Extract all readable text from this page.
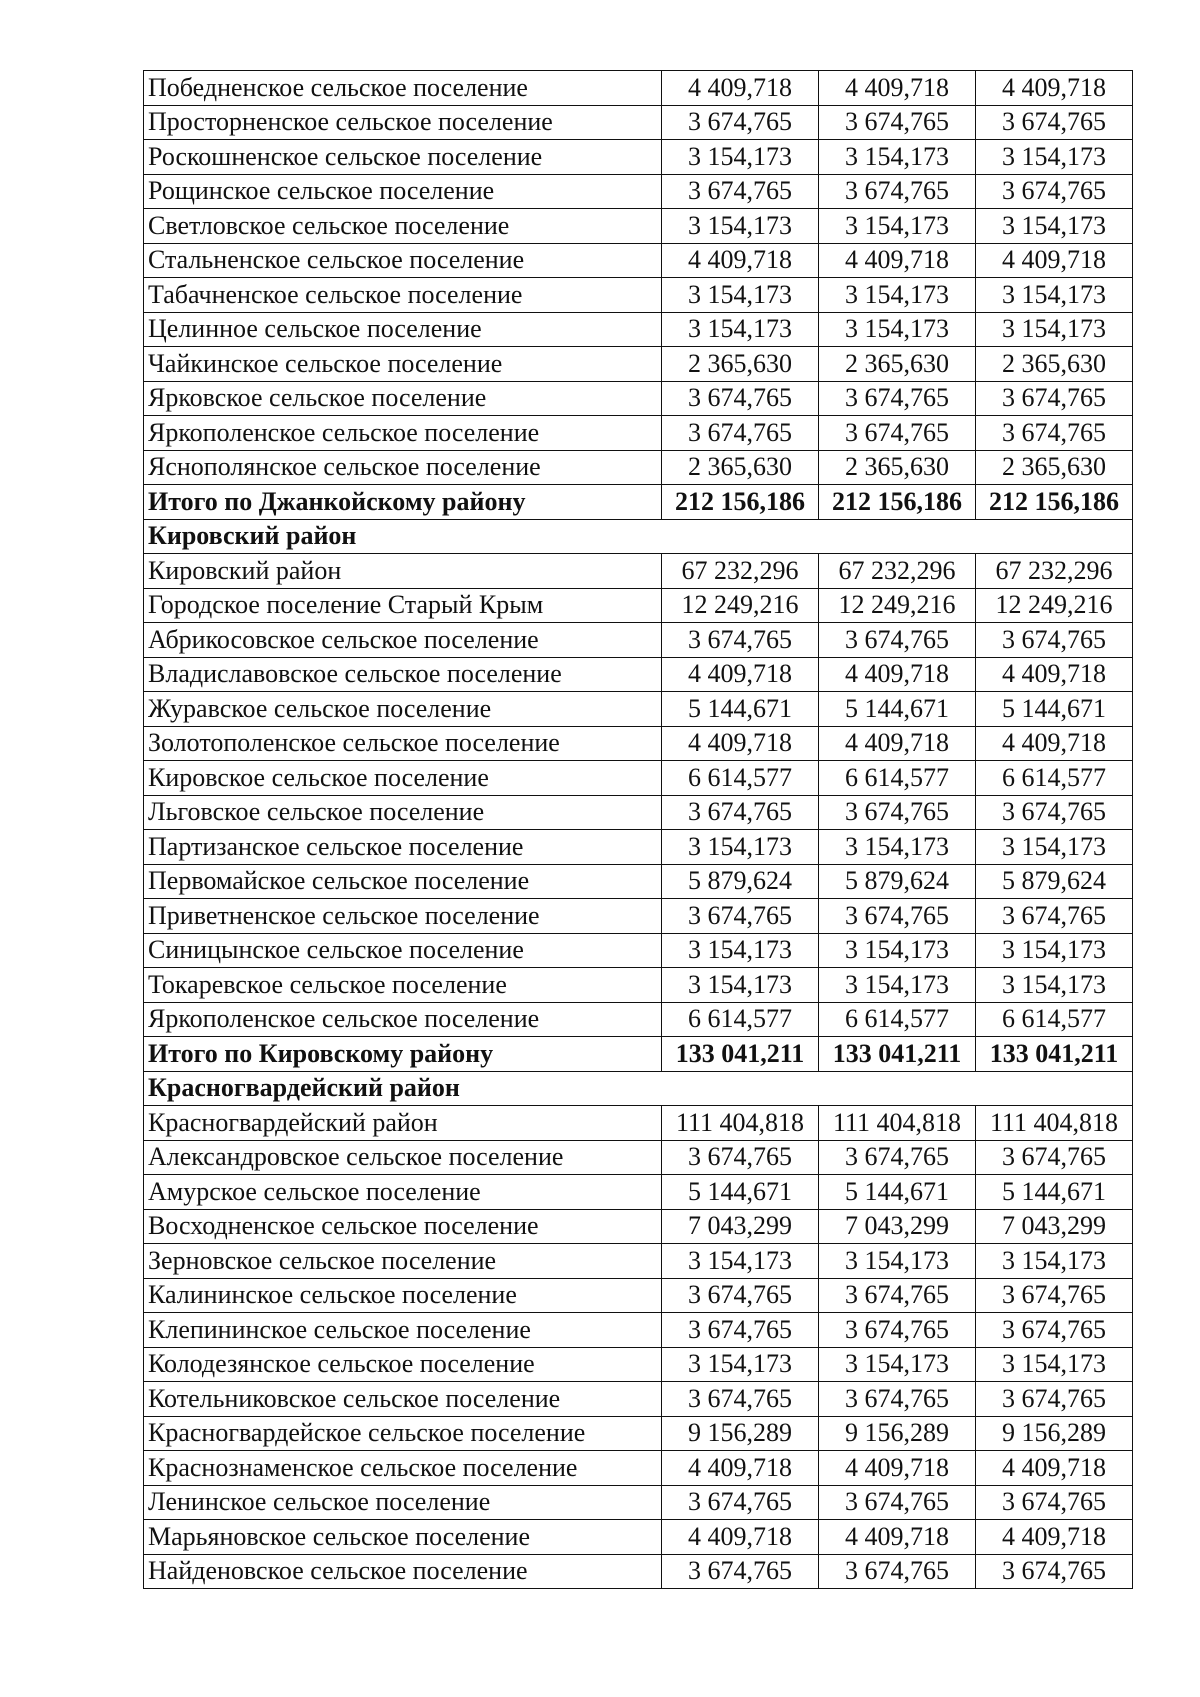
Победненское сельское поселение	4 409,718	4 409,718	4 409,718
Просторненское сельское поселение	3 674,765	3 674,765	3 674,765
Роскошненское сельское поселение	3 154,173	3 154,173	3 154,173
Рощинское сельское поселение	3 674,765	3 674,765	3 674,765
Светловское сельское поселение	3 154,173	3 154,173	3 154,173
Стальненское сельское поселение	4 409,718	4 409,718	4 409,718
Табачненское сельское поселение	3 154,173	3 154,173	3 154,173
Целинное сельское поселение	3 154,173	3 154,173	3 154,173
Чайкинское сельское поселение	2 365,630	2 365,630	2 365,630
Ярковское сельское поселение	3 674,765	3 674,765	3 674,765
Яркополенское сельское поселение	3 674,765	3 674,765	3 674,765
Яснополянское сельское поселение	2 365,630	2 365,630	2 365,630
Итого по Джанкойскому району	212 156,186	212 156,186	212 156,186
Кировский район			
Кировский район	67 232,296	67 232,296	67 232,296
Городское поселение Старый Крым	12 249,216	12 249,216	12 249,216
Абрикосовское сельское поселение	3 674,765	3 674,765	3 674,765
Владиславовское сельское поселение	4 409,718	4 409,718	4 409,718
Журавское сельское поселение	5 144,671	5 144,671	5 144,671
Золотополенское сельское поселение	4 409,718	4 409,718	4 409,718
Кировское сельское поселение	6 614,577	6 614,577	6 614,577
Льговское сельское поселение	3 674,765	3 674,765	3 674,765
Партизанское сельское поселение	3 154,173	3 154,173	3 154,173
Первомайское сельское поселение	5 879,624	5 879,624	5 879,624
Приветненское сельское поселение	3 674,765	3 674,765	3 674,765
Синицынское сельское поселение	3 154,173	3 154,173	3 154,173
Токаревское сельское поселение	3 154,173	3 154,173	3 154,173
Яркополенское сельское поселение	6 614,577	6 614,577	6 614,577
Итого по Кировскому району	133 041,211	133 041,211	133 041,211
Красногвардейский район			
Красногвардейский район	111 404,818	111 404,818	111 404,818
Александровское сельское поселение	3 674,765	3 674,765	3 674,765
Амурское сельское поселение	5 144,671	5 144,671	5 144,671
Восходненское сельское поселение	7 043,299	7 043,299	7 043,299
Зерновское сельское поселение	3 154,173	3 154,173	3 154,173
Калининское сельское поселение	3 674,765	3 674,765	3 674,765
Клепининское сельское поселение	3 674,765	3 674,765	3 674,765
Колодезянское сельское поселение	3 154,173	3 154,173	3 154,173
Котельниковское сельское поселение	3 674,765	3 674,765	3 674,765
Красногвардейское сельское поселение	9 156,289	9 156,289	9 156,289
Краснознаменское сельское поселение	4 409,718	4 409,718	4 409,718
Ленинское сельское поселение	3 674,765	3 674,765	3 674,765
Марьяновское сельское поселение	4 409,718	4 409,718	4 409,718
Найденовское сельское поселение	3 674,765	3 674,765	3 674,765
